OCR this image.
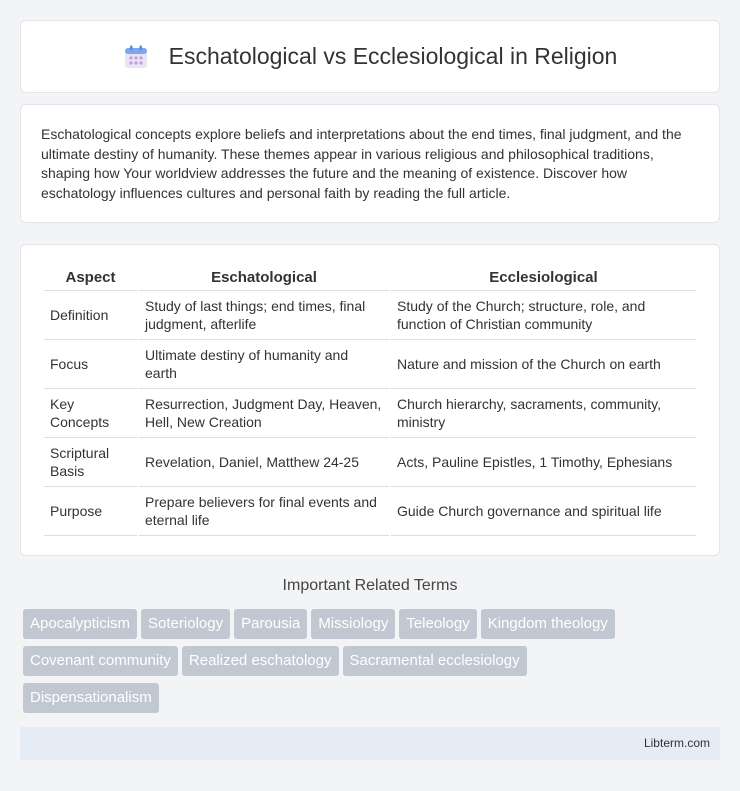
Eschatological vs Ecclesiological in Religion

Eschatological concepts explore beliefs and interpretations about the end times, final judgment, and the ultimate destiny of humanity. These themes appear in various religious and philosophical traditions, shaping how Your worldview addresses the future and the meaning of existence. Discover how eschatology influences cultures and personal faith by reading the full article.

Aspect	Eschatological	Ecclesiological
Definition	Study of last things; end times, final judgment, afterlife	Study of the Church; structure, role, and function of Christian community
Focus	Ultimate destiny of humanity and earth	Nature and mission of the Church on earth
Key Concepts	Resurrection, Judgment Day, Heaven, Hell, New Creation	Church hierarchy, sacraments, community, ministry
Scriptural Basis	Revelation, Daniel, Matthew 24-25	Acts, Pauline Epistles, 1 Timothy, Ephesians
Purpose	Prepare believers for final events and eternal life	Guide Church governance and spiritual life
Important Related Terms
Apocalypticism Soteriology Parousia Missiology Teleology Kingdom theology
Covenant community Realized eschatology Sacramental ecclesiology
Dispensationalism
Libterm.com
